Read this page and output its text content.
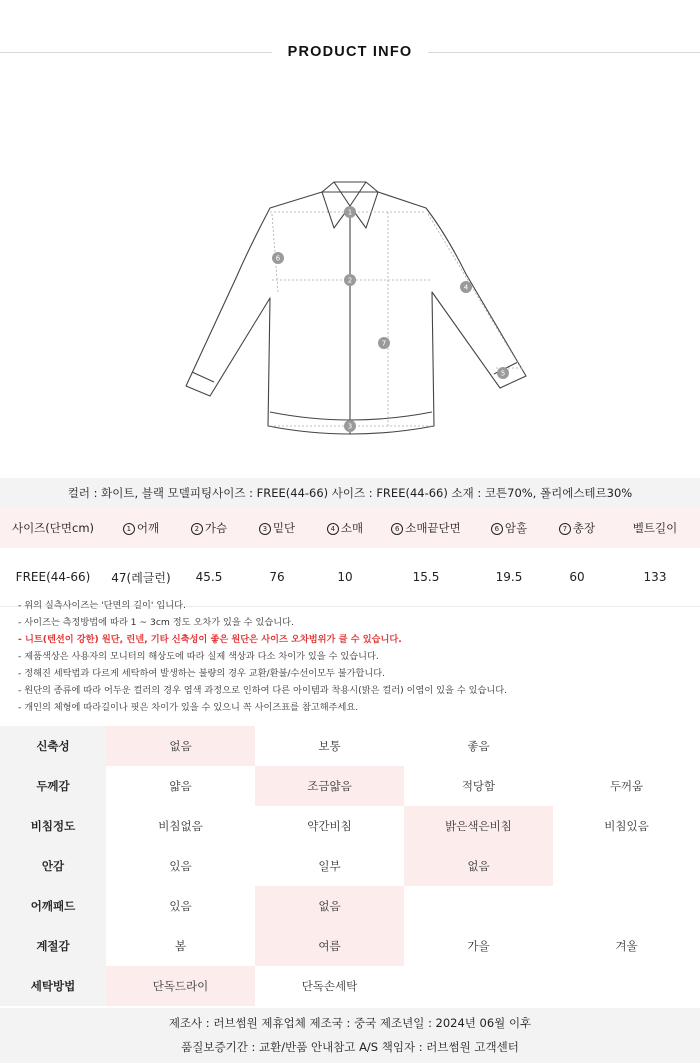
PRODUCT INFO
1
2
3
4
5
6
7
컬러 : 화이트, 블랙 모델피팅사이즈 : FREE(44-66) 사이즈 : FREE(44-66) 소재 : 코튼70%, 폴리에스테르30%
사이즈(단면cm)	1 어깨	2 가슴	3 밑단	4 소매	6 소매끝단면	6 암홀	7 총장	벨트길이
FREE(44-66)	47(레글런)	45.5	76	10	15.5	19.5	60	133
- 위의 실측사이즈는 '단면의 길이' 입니다.
- 사이즈는 측정방법에 따라 1 ~ 3cm 정도 오차가 있을 수 있습니다.
- 니트(텐션이 강한) 원단, 린넨, 기타 신축성이 좋은 원단은 사이즈 오차범위가 클 수 있습니다.
- 제품색상은 사용자의 모니터의 해상도에 따라 실제 색상과 다소 차이가 있을 수 있습니다.
- 정해진 세탁법과 다르게 세탁하여 발생하는 불량의 경우 교환/환불/수선이모두 불가합니다.
- 원단의 종류에 따라 어두운 컬러의 경우 염색 과정으로 인하여 다른 아이템과 착용시(밝은 컬러) 이염이 있을 수 있습니다.
- 개인의 체형에 따라길이나 핏은 차이가 있을 수 있으니 꼭 사이즈표를 참고해주세요.
신축성	없음	보통	좋음	
두께감	얇음	조금얇음	적당함	두꺼움
비침정도	비침없음	약간비침	밝은색은비침	비침있음
안감	있음	일부	없음	
어깨패드	있음	없음		
계절감	봄	여름	가을	겨울
세탁방법	단독드라이	단독손세탁		
제조사 : 러브썸원 제휴업체 제조국 : 중국 제조년일 : 2024년 06월 이후
품질보증기간 : 교환/반품 안내참고 A/S 책임자 : 러브썸원 고객센터
